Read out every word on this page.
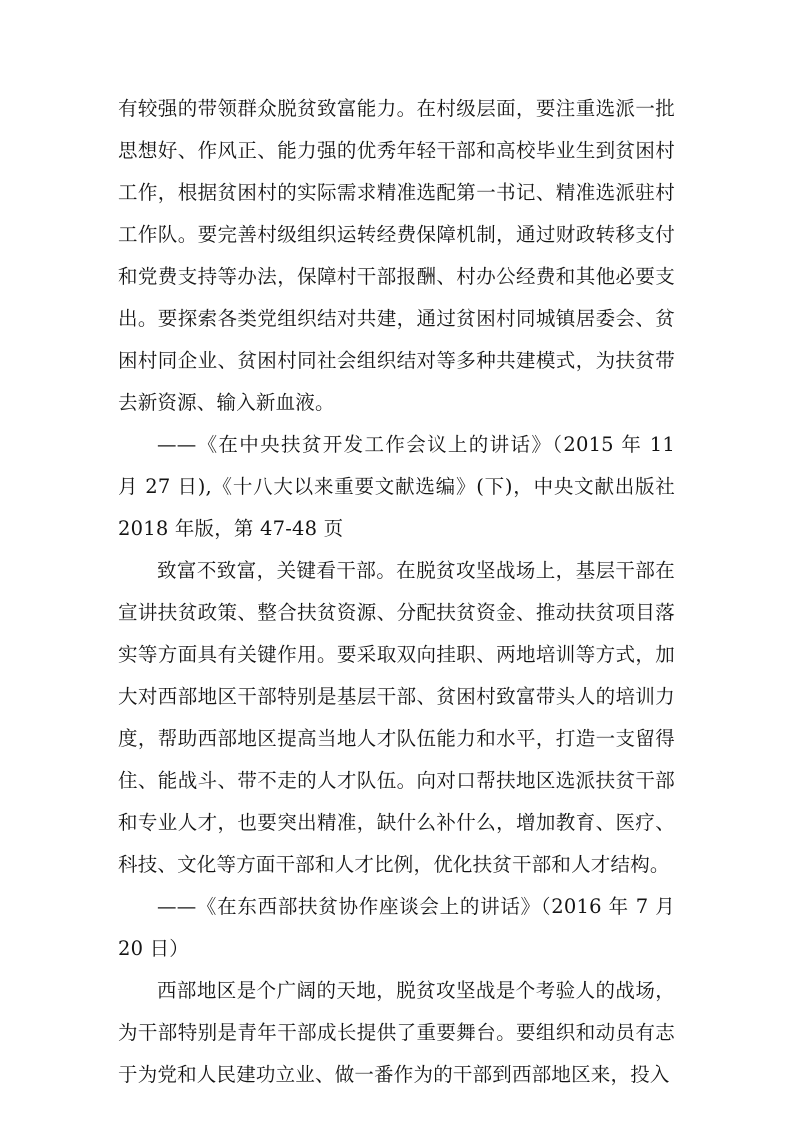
有较强的带领群众脱贫致富能力。在村级层面，要注重选派一批思想好、作风正、能力强的优秀年轻干部和高校毕业生到贫困村工作，根据贫困村的实际需求精准选配第一书记、精准选派驻村工作队。要完善村级组织运转经费保障机制，通过财政转移支付和党费支持等办法，保障村干部报酬、村办公经费和其他必要支出。要探索各类党组织结对共建，通过贫困村同城镇居委会、贫困村同企业、贫困村同社会组织结对等多种共建模式，为扶贫带去新资源、输入新血液。

——《在中央扶贫开发工作会议上的讲话》（2015 年 11 月 27 日),《十八大以来重要文献选编》(下)，中央文献出版社 2018 年版，第 47-48 页

致富不致富，关键看干部。在脱贫攻坚战场上，基层干部在宣讲扶贫政策、整合扶贫资源、分配扶贫资金、推动扶贫项目落实等方面具有关键作用。要采取双向挂职、两地培训等方式，加大对西部地区干部特别是基层干部、贫困村致富带头人的培训力度，帮助西部地区提高当地人才队伍能力和水平，打造一支留得住、能战斗、带不走的人才队伍。向对口帮扶地区选派扶贫干部和专业人才，也要突出精准，缺什么补什么，增加教育、医疗、科技、文化等方面干部和人才比例，优化扶贫干部和人才结构。

——《在东西部扶贫协作座谈会上的讲话》（2016 年 7 月 20 日）

西部地区是个广阔的天地，脱贫攻坚战是个考验人的战场，为干部特别是青年干部成长提供了重要舞台。要组织和动员有志于为党和人民建功立业、做一番作为的干部到西部地区来，投入
